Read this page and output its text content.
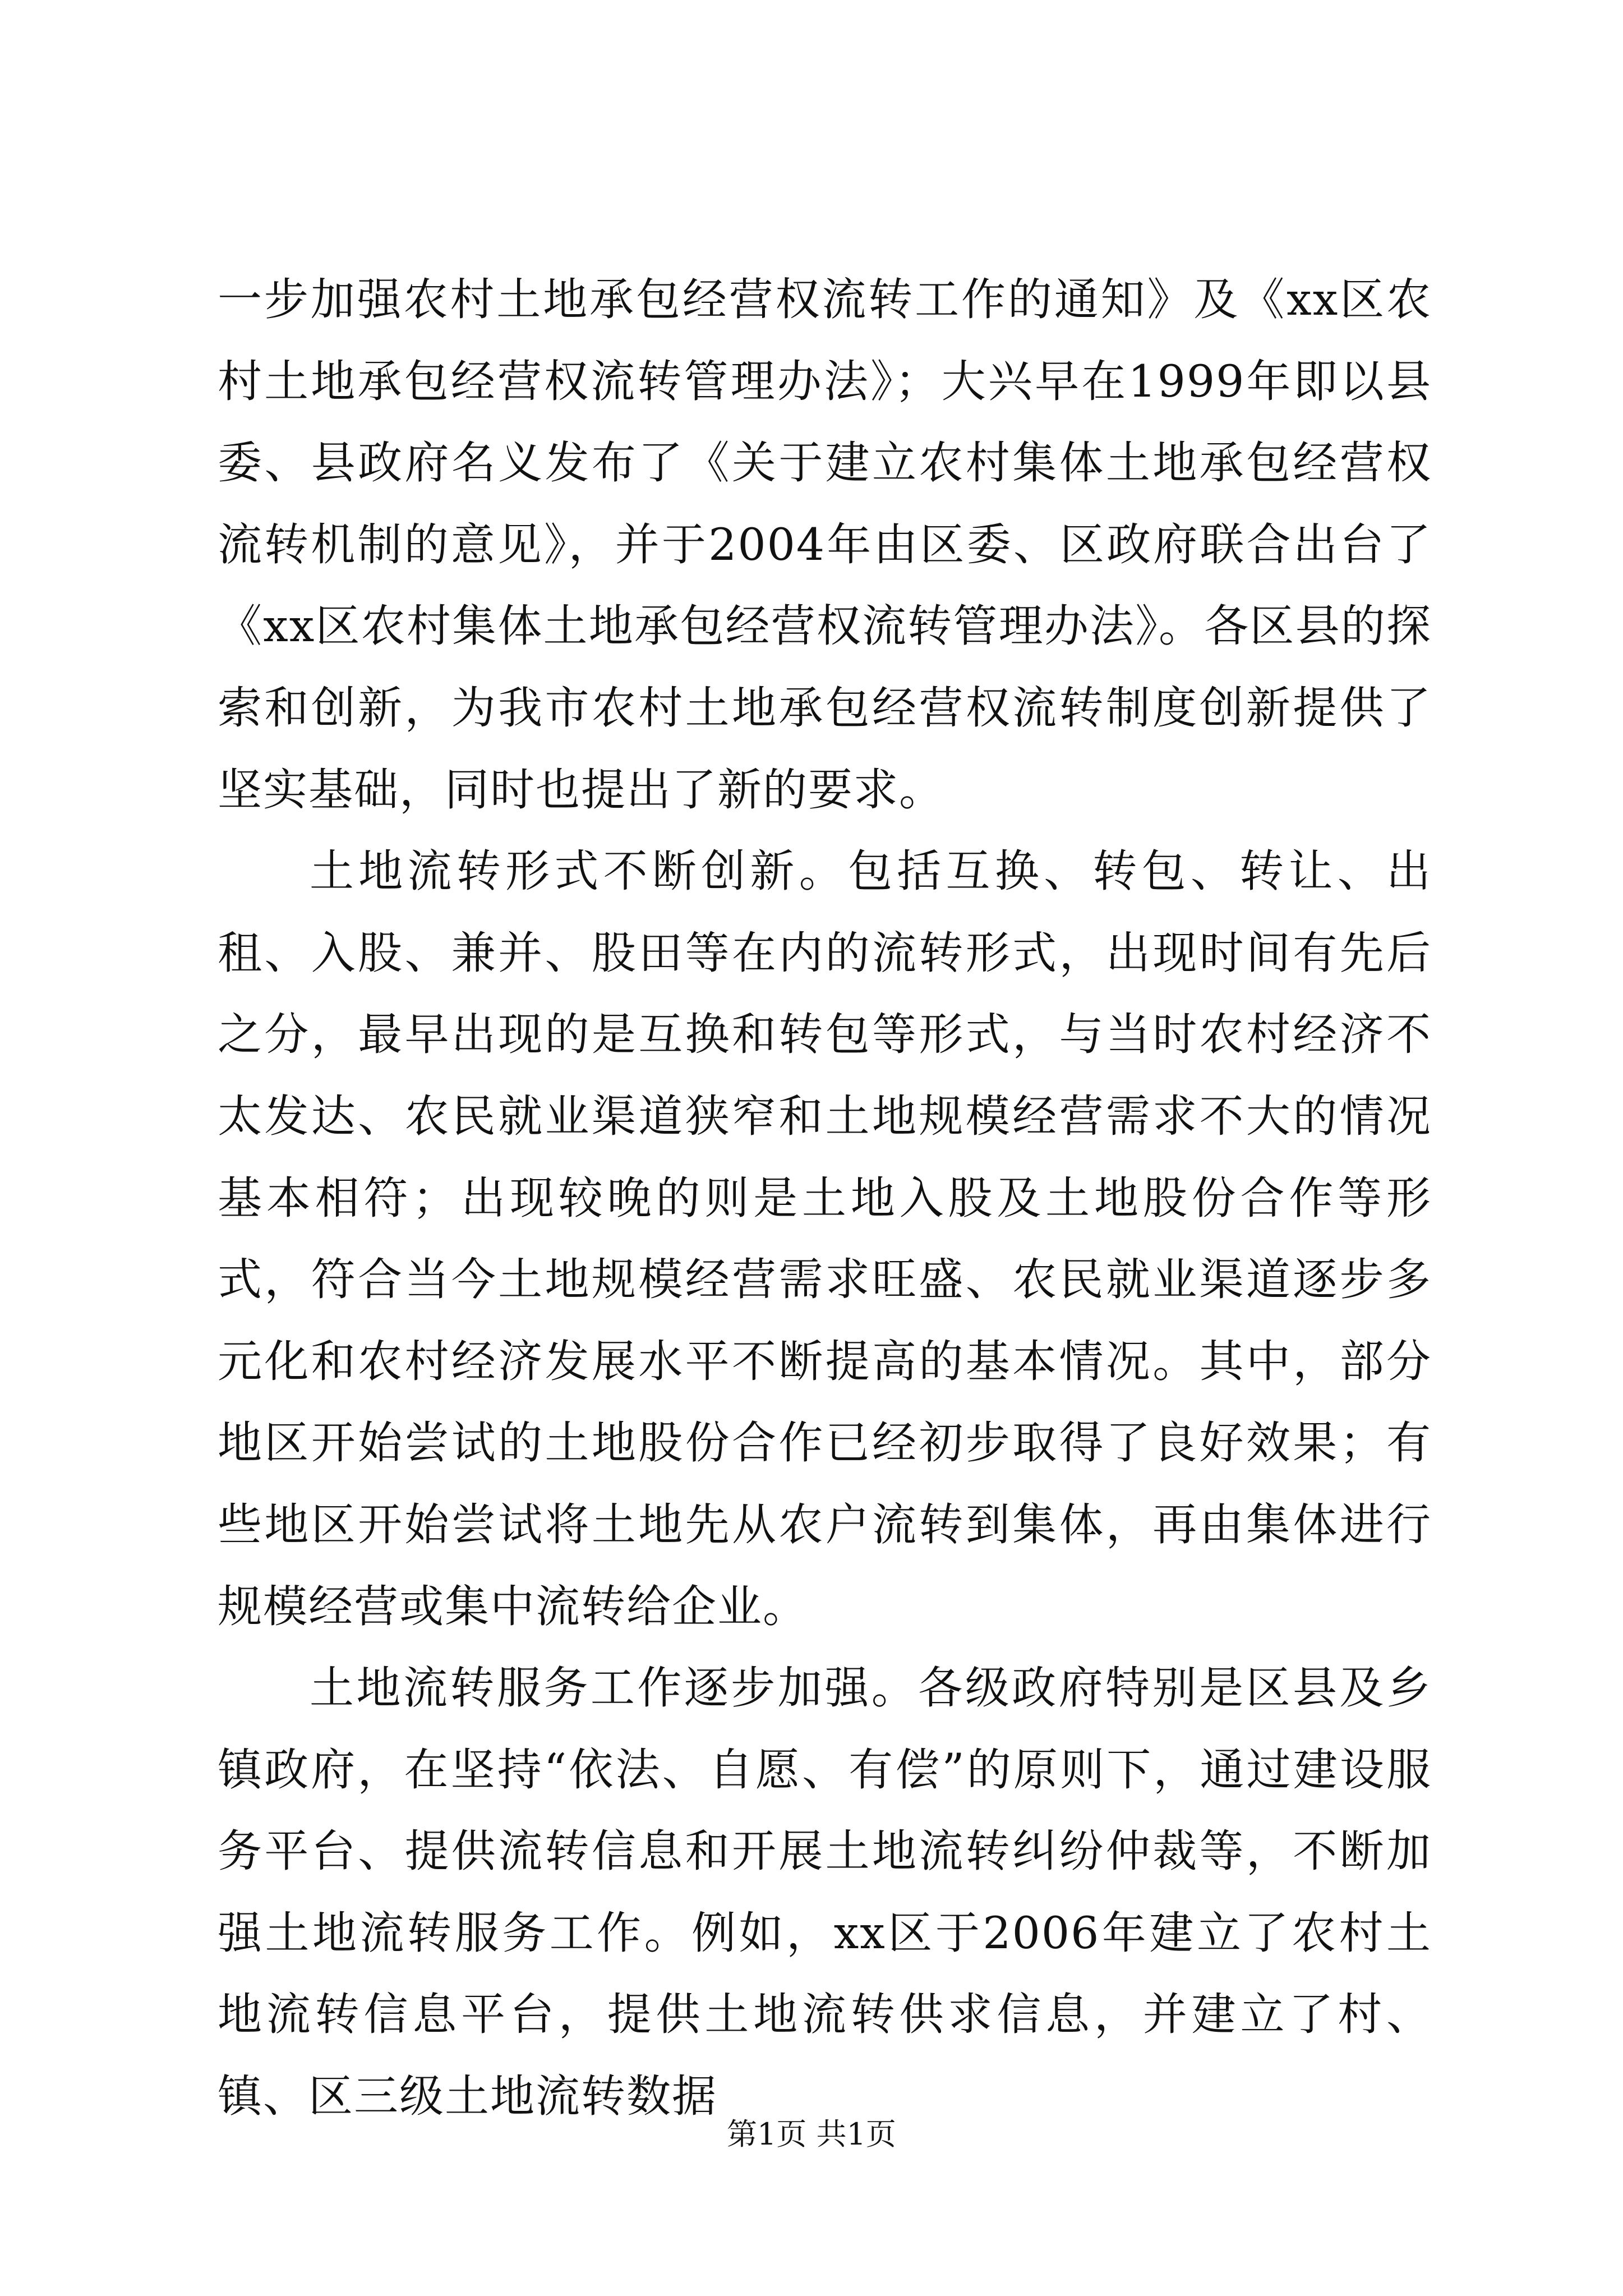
一步加强农村土地承包经营权流转工作的通知》及《xx区农村土地承包经营权流转管理办法》；大兴早在1999年即以县委、县政府名义发布了《关于建立农村集体土地承包经营权流转机制的意见》，并于2004年由区委、区政府联合出台了《xx区农村集体土地承包经营权流转管理办法》。各区县的探索和创新，为我市农村土地承包经营权流转制度创新提供了坚实基础，同时也提出了新的要求。

土地流转形式不断创新。包括互换、转包、转让、出租、入股、兼并、股田等在内的流转形式，出现时间有先后之分，最早出现的是互换和转包等形式，与当时农村经济不太发达、农民就业渠道狭窄和土地规模经营需求不大的情况基本相符；出现较晚的则是土地入股及土地股份合作等形式，符合当今土地规模经营需求旺盛、农民就业渠道逐步多元化和农村经济发展水平不断提高的基本情况。其中，部分地区开始尝试的土地股份合作已经初步取得了良好效果；有些地区开始尝试将土地先从农户流转到集体，再由集体进行规模经营或集中流转给企业。

土地流转服务工作逐步加强。各级政府特别是区县及乡镇政府，在坚持“依法、自愿、有偿”的原则下，通过建设服务平台、提供流转信息和开展土地流转纠纷仲裁等，不断加强土地流转服务工作。例如，xx区于2006年建立了农村土地流转信息平台，提供土地流转供求信息，并建立了村、镇、区三级土地流转数据

第1页 共1页
